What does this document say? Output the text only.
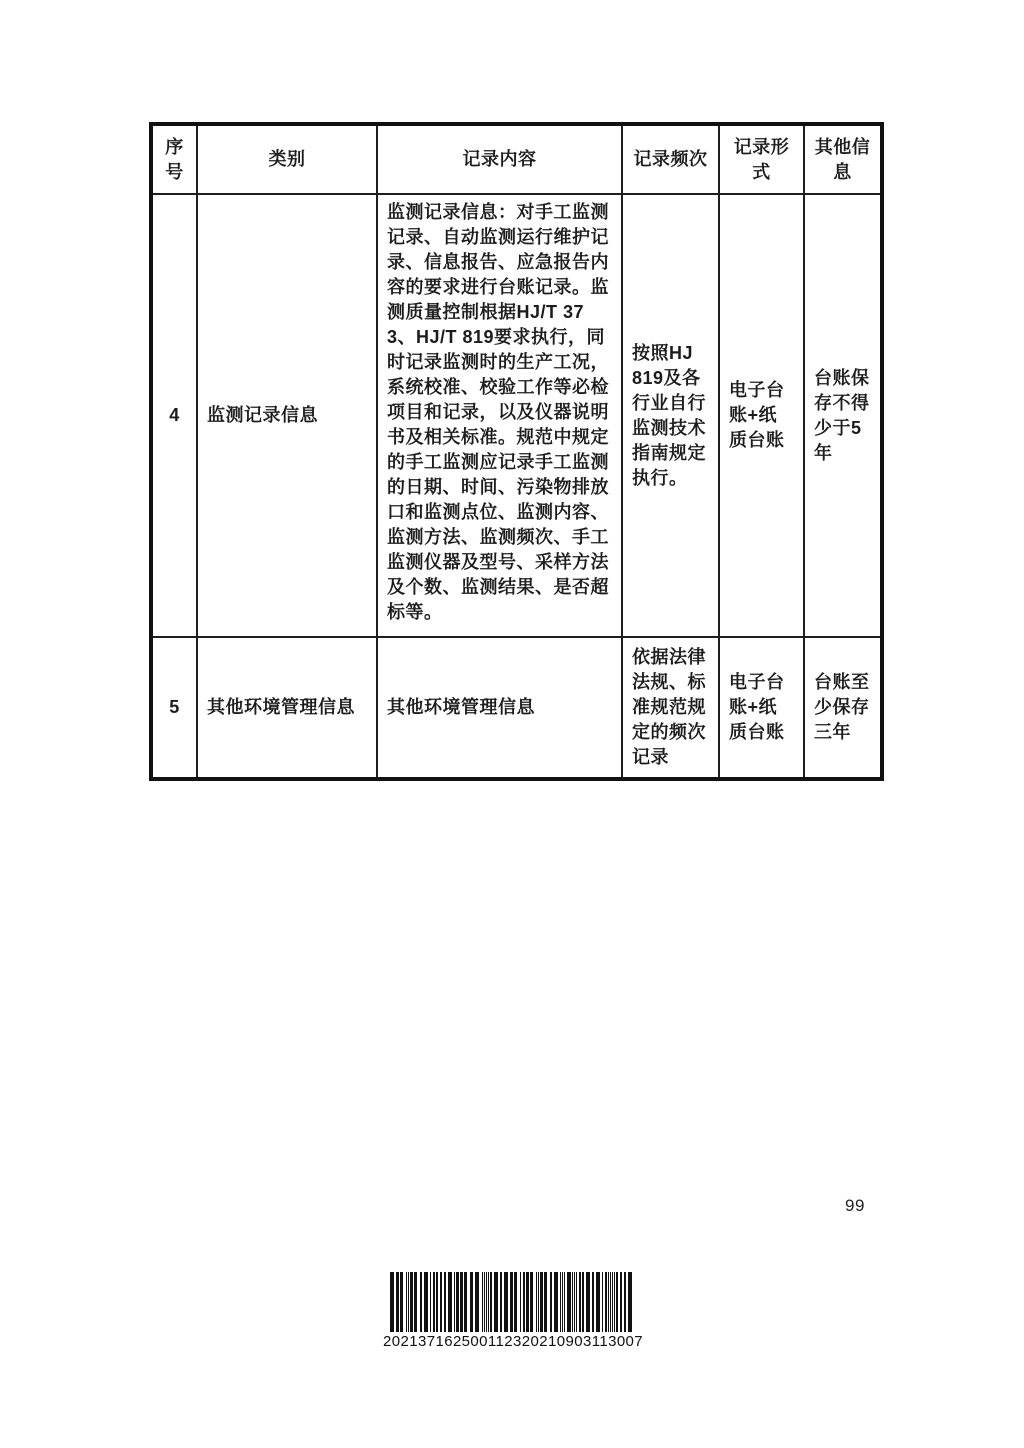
序号	类别	记录内容	记录频次	记录形式	其他信息
4	监测记录信息	监测记录信息：对手工监测记录、自动监测运行维护记录、信息报告、应急报告内容的要求进行台账记录。监测质量控制根据HJ/T 373、HJ/T 819要求执行，同时记录监测时的生产工况，系统校准、校验工作等必检项目和记录，以及仪器说明书及相关标准。规范中规定的手工监测应记录手工监测的日期、时间、污染物排放口和监测点位、监测内容、监测方法、监测频次、手工监测仪器及型号、采样方法及个数、监测结果、是否超标等。	按照HJ 819及各行业自行监测技术指南规定执行。	电子台账+纸质台账	台账保存不得少于5年
5	其他环境管理信息	其他环境管理信息	依据法律法规、标准规范规定的频次记录	电子台账+纸质台账	台账至少保存三年
99
202137162500112320210903113007
